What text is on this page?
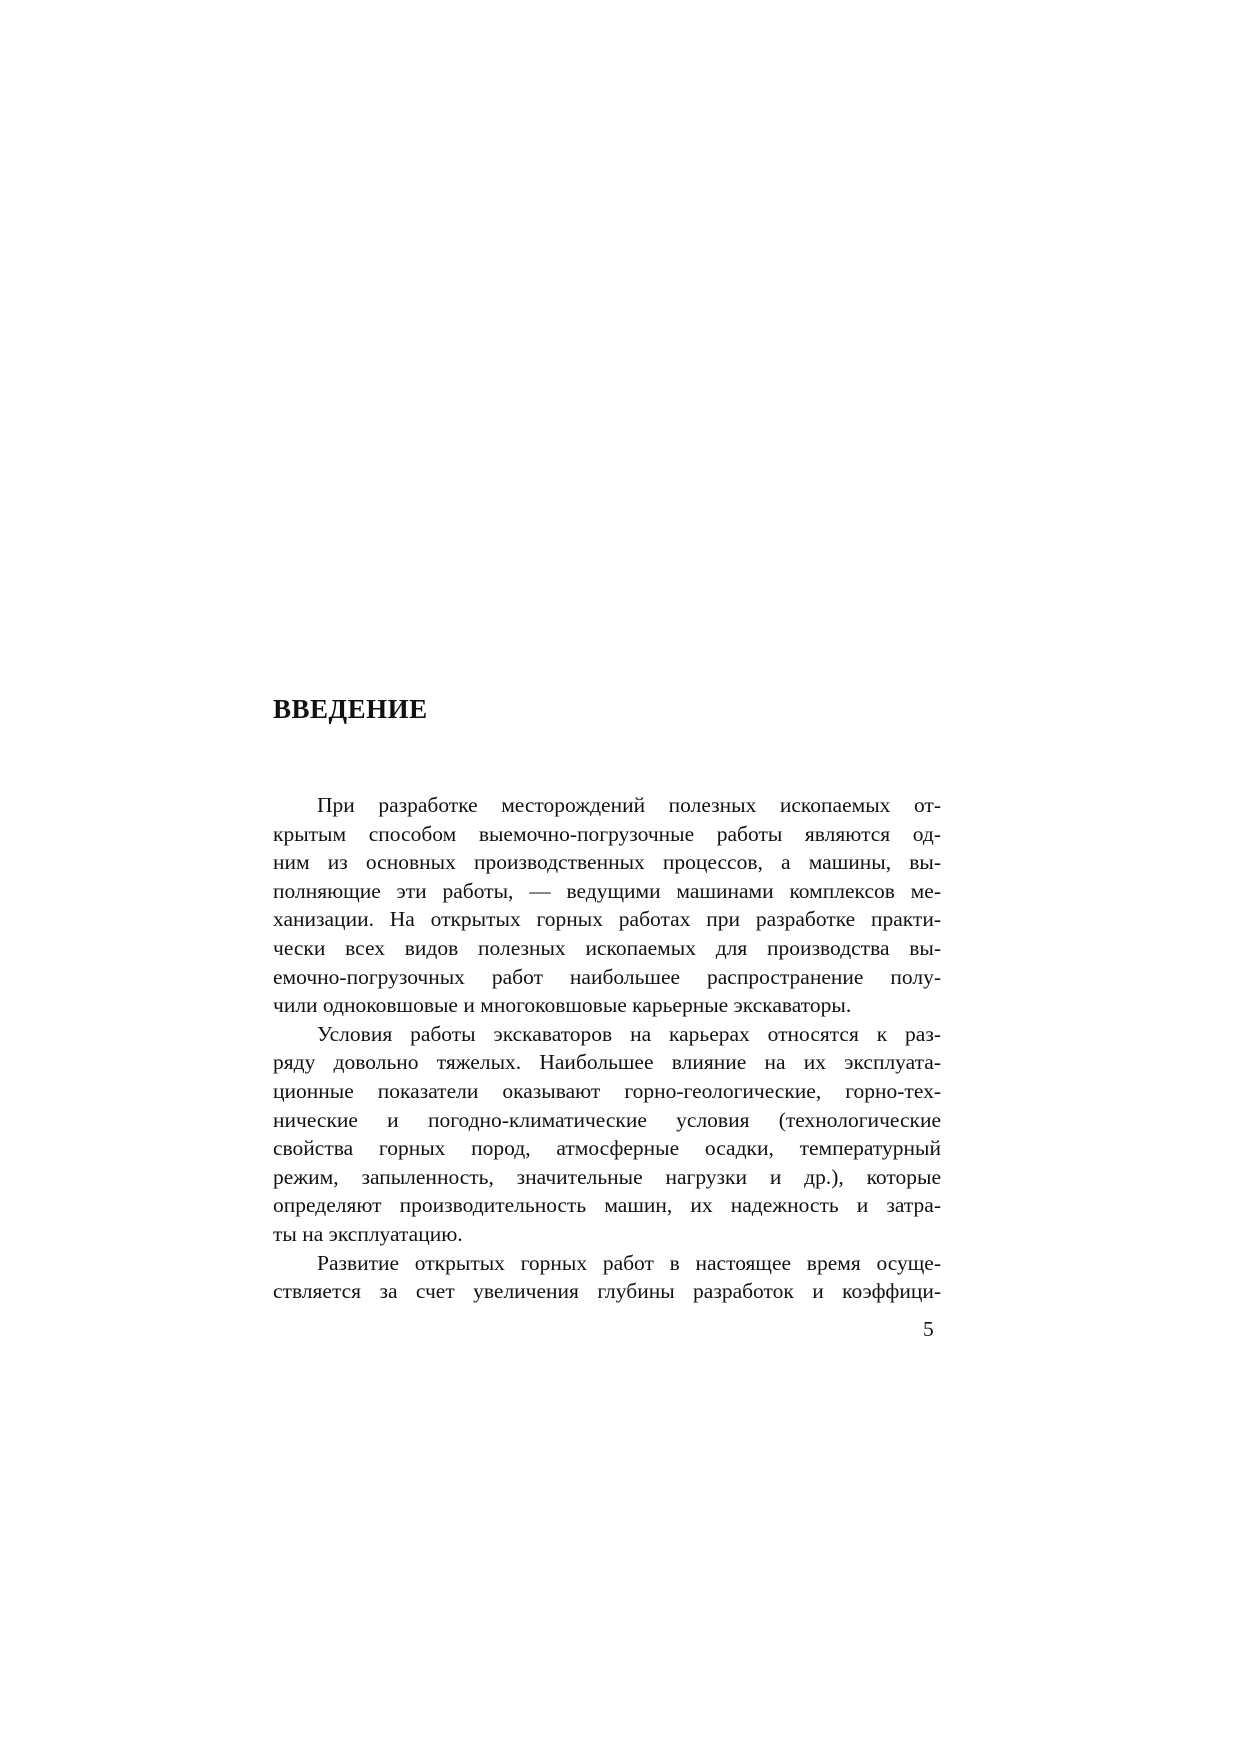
ВВЕДЕНИЕ
При разработке месторождений полезных ископаемых от-
крытым способом выемочно-погрузочные работы являются од-
ним из основных производственных процессов, а машины, вы-
полняющие эти работы, — ведущими машинами комплексов ме-
ханизации. На открытых горных работах при разработке практи-
чески всех видов полезных ископаемых для производства вы-
емочно-погрузочных работ наибольшее распространение полу-
чили одноковшовые и многоковшовые карьерные экскаваторы.
Условия работы экскаваторов на карьерах относятся к раз-
ряду довольно тяжелых. Наибольшее влияние на их эксплуата-
ционные показатели оказывают горно-геологические, горно-тех-
нические и погодно-климатические условия (технологические
свойства горных пород, атмосферные осадки, температурный
режим, запыленность, значительные нагрузки и др.), которые
определяют производительность машин, их надежность и затра-
ты на эксплуатацию.
Развитие открытых горных работ в настоящее время осуще-
ствляется за счет увеличения глубины разработок и коэффици-
5
